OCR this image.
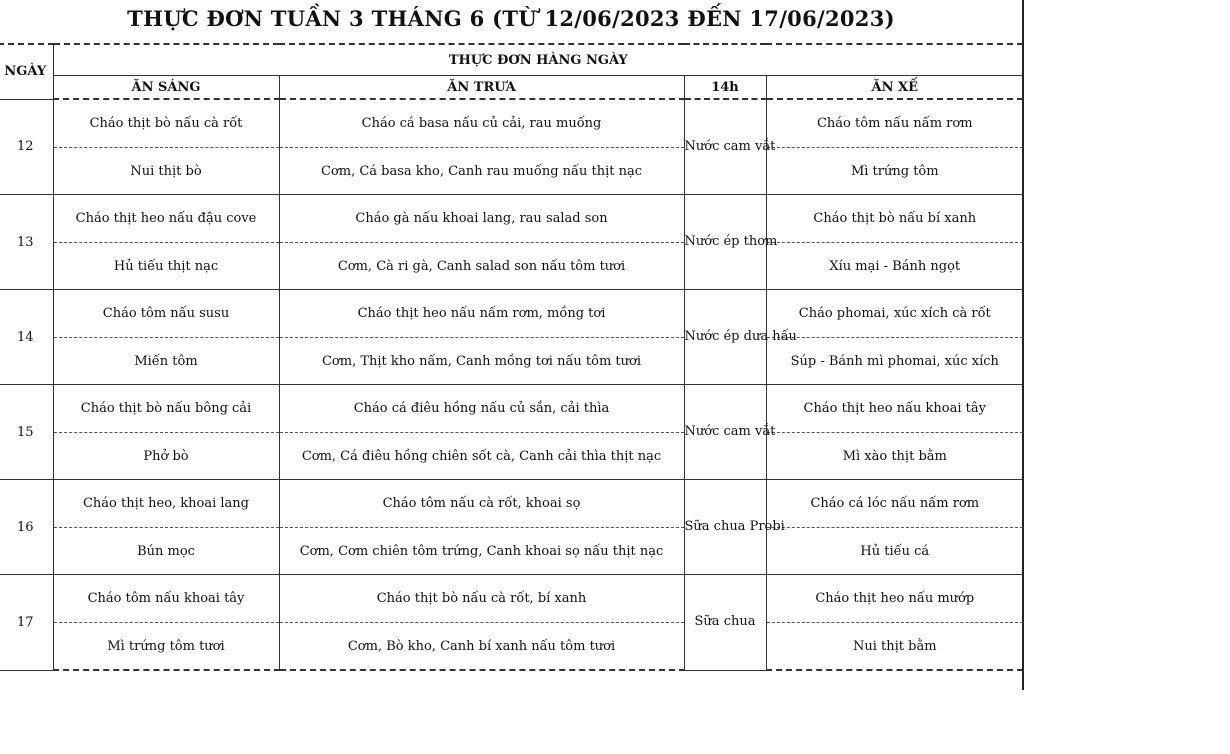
THỰC ĐƠN TUẦN 3 THÁNG 6 (TỪ 12/06/2023 ĐẾN 17/06/2023)
NGÀY	THỰC ĐƠN HÀNG NGÀY			
	ĂN SÁNG	ĂN TRƯA	14h	ĂN XẾ
12	Cháo thịt bò nấu cà rốt	Cháo cá basa nấu củ cải, rau muống	Nước cam vắt	Cháo tôm nấu nấm rơm
	Nui thịt bò	Cơm, Cá basa kho, Canh rau muống nấu thịt nạc		Mì trứng tôm
13	Cháo thịt heo nấu đậu cove	Cháo gà nấu khoai lang, rau salad son	Nước ép thơm	Cháo thịt bò nấu bí xanh
	Hủ tiếu thịt nạc	Cơm, Cà ri gà, Canh salad son nấu tôm tươi		Xíu mại - Bánh ngọt
14	Cháo tôm nấu susu	Cháo thịt heo nấu nấm rơm, mồng tơi	Nước ép dưa hấu	Cháo phomai, xúc xích cà rốt
	Miến tôm	Cơm, Thịt kho nấm, Canh mồng tơi nấu tôm tươi		Súp - Bánh mì phomai, xúc xích
15	Cháo thịt bò nấu bông cải	Cháo cá điêu hồng nấu củ sắn, cải thìa	Nước cam vắt	Cháo thịt heo nấu khoai tây
	Phở bò	Cơm, Cá điêu hồng chiên sốt cà, Canh cải thìa thịt nạc		Mì xào thịt bằm
16	Cháo thịt heo, khoai lang	Cháo tôm nấu cà rốt, khoai sọ	Sữa chua Probi	Cháo cá lóc nấu nấm rơm
	Bún mọc	Cơm, Cơm chiên tôm trứng, Canh khoai sọ nấu thịt nạc		Hủ tiếu cá
17	Cháo tôm nấu khoai tây	Cháo thịt bò nấu cà rốt, bí xanh	Sữa chua	Cháo thịt heo nấu mướp
	Mì trứng tôm tươi	Cơm, Bò kho, Canh bí xanh nấu tôm tươi		Nui thịt bằm
